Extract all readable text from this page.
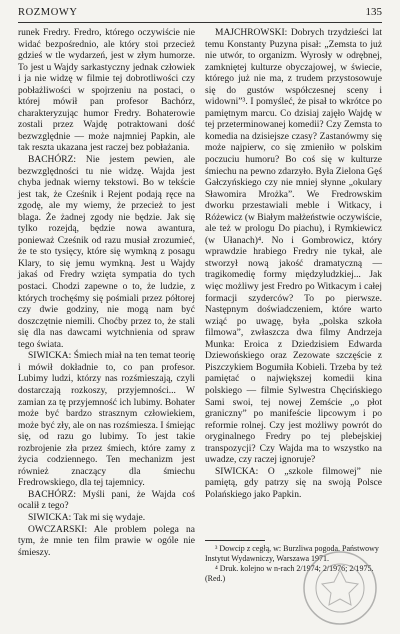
ROZMOWY	135

runek Fredry. Fredro, którego oczywiście nie widać bezpośrednio, ale który stoi przecież gdzieś w tle wydarzeń, jest w złym humorze. To jest u Wajdy sarkastyczny jednak człowiek i ja nie widzę w filmie tej dobrotliwości czy pobłażliwości w spojrzeniu na postaci, o której mówił pan profesor Bachórz, charakteryzując humor Fredry. Bohaterowie zostali przez Wajdę potraktowani dość bezwzględnie — może najmniej Papkin, ale tak reszta ukazana jest raczej bez pobłażania.

BACHÓRZ: Nie jestem pewien, ale bezwzględności tu nie widzę. Wajda jest chyba jednak wierny tekstowi. Bo w tekście jest tak, że Cześnik i Rejent podają ręce na zgodę, ale my wiemy, że przecież to jest blaga. Że żadnej zgody nie będzie. Jak się tylko rozejdą, będzie nowa awantura, ponieważ Cześnik od razu musiał zrozumieć, że te sto tysięcy, które się wymkną z posagu Klary, to się jemu wymkną. Jest u Wajdy jakaś od Fredry wzięta sympatia do tych postaci. Chodzi zapewne o to, że ludzie, z których trochęśmy się pośmiali przez półtorej czy dwie godziny, nie mogą nam być doszczętnie niemili. Choćby przez to, że stali się dla nas dawcami wytchnienia od spraw tego świata.

SIWICKA: Śmiech miał na ten temat teorię i mówił dokładnie to, co pan profesor. Lubimy ludzi, którzy nas rozśmieszają, czyli dostarczają rozkoszy, przyjemności... W zamian za tę przyjemność ich lubimy. Bohater może być bardzo strasznym człowiekiem, może być zły, ale on nas rozśmiesza. I śmiejąc się, od razu go lubimy. To jest takie rozbrojenie zła przez śmiech, które zamy z życia codziennego. Ten mechanizm jest również znaczący dla śmiechu Fredrowskiego, dla tej tajemnicy.

BACHÓRZ: Myśli pani, że Wajda coś ocalił z tego?

SIWICKA: Tak mi się wydaje.

OWCZARSKI: Ale problem polega na tym, że mnie ten film prawie w ogóle nie śmieszy.

MAJCHROWSKI: Dobrych trzydzieści lat temu Konstanty Puzyna pisał: „Zemsta to już nie utwór, to organizm. Wyrosły w odrębnej, zamkniętej kulturze obyczajowej, w świecie, którego już nie ma, z trudem przystosowuje się do gustów współczesnej sceny i widowni”³. I pomyśleć, że pisał to wkrótce po pamiętnym marcu. Co dzisiaj zajęło Wajdę w tej przeterminowanej komedii? Czy Zemsta to komedia na dzisiejsze czasy? Zastanówmy się może najpierw, co się zmieniło w polskim poczuciu humoru? Bo coś się w kulturze śmiechu na pewno zdarzyło. Była Zielona Gęś Gałczyńskiego czy nie mniej słynne „okulary Sławomira Mrożka”. We Fredrowskim dworku przestawiali meble i Witkacy, i Różewicz (w Białym małżeństwie oczywiście, ale też w prologu Do piachu), i Rymkiewicz (w Ułanach)⁴. No i Gombrowicz, który wprawdzie hrabiego Fredry nie tykał, ale stworzył nową jakość dramatyczną — tragikomedię formy międzyludzkiej... Jak więc możliwy jest Fredro po Witkacym i całej formacji szyderców? To po pierwsze. Następnym doświadczeniem, które warto wziąć po uwagę, była „polska szkoła filmowa”, zwłaszcza dwa filmy Andrzeja Munka: Eroica z Dziedzisiem Edwarda Dziewońskiego oraz Zezowate szczęście z Piszczykiem Bogumiła Kobieli. Trzeba by też pamiętać o największej komedii kina polskiego — filmie Sylwestra Chęcińskiego Sami swoi, tej nowej Zemście „o płot graniczny” po manifeście lipcowym i po reformie rolnej. Czy jest możliwy powrót do oryginalnego Fredry po tej plebejskiej transpozycji? Czy Wajda ma to wszystko na uwadze, czy raczej ignoruje?

SIWICKA: O „szkole filmowej” nie pamiętą, gdy patrzy się na swoją Polsce Polańskiego jako Papkin.

³ Dowcip z cegłą, w: Burzliwa pogoda. Państwowy Instytut Wydawniczy, Warszawa 1971.

⁴ Druk. kolejno w n-rach 2/1974; 2/1976; 2/1975. (Red.)
